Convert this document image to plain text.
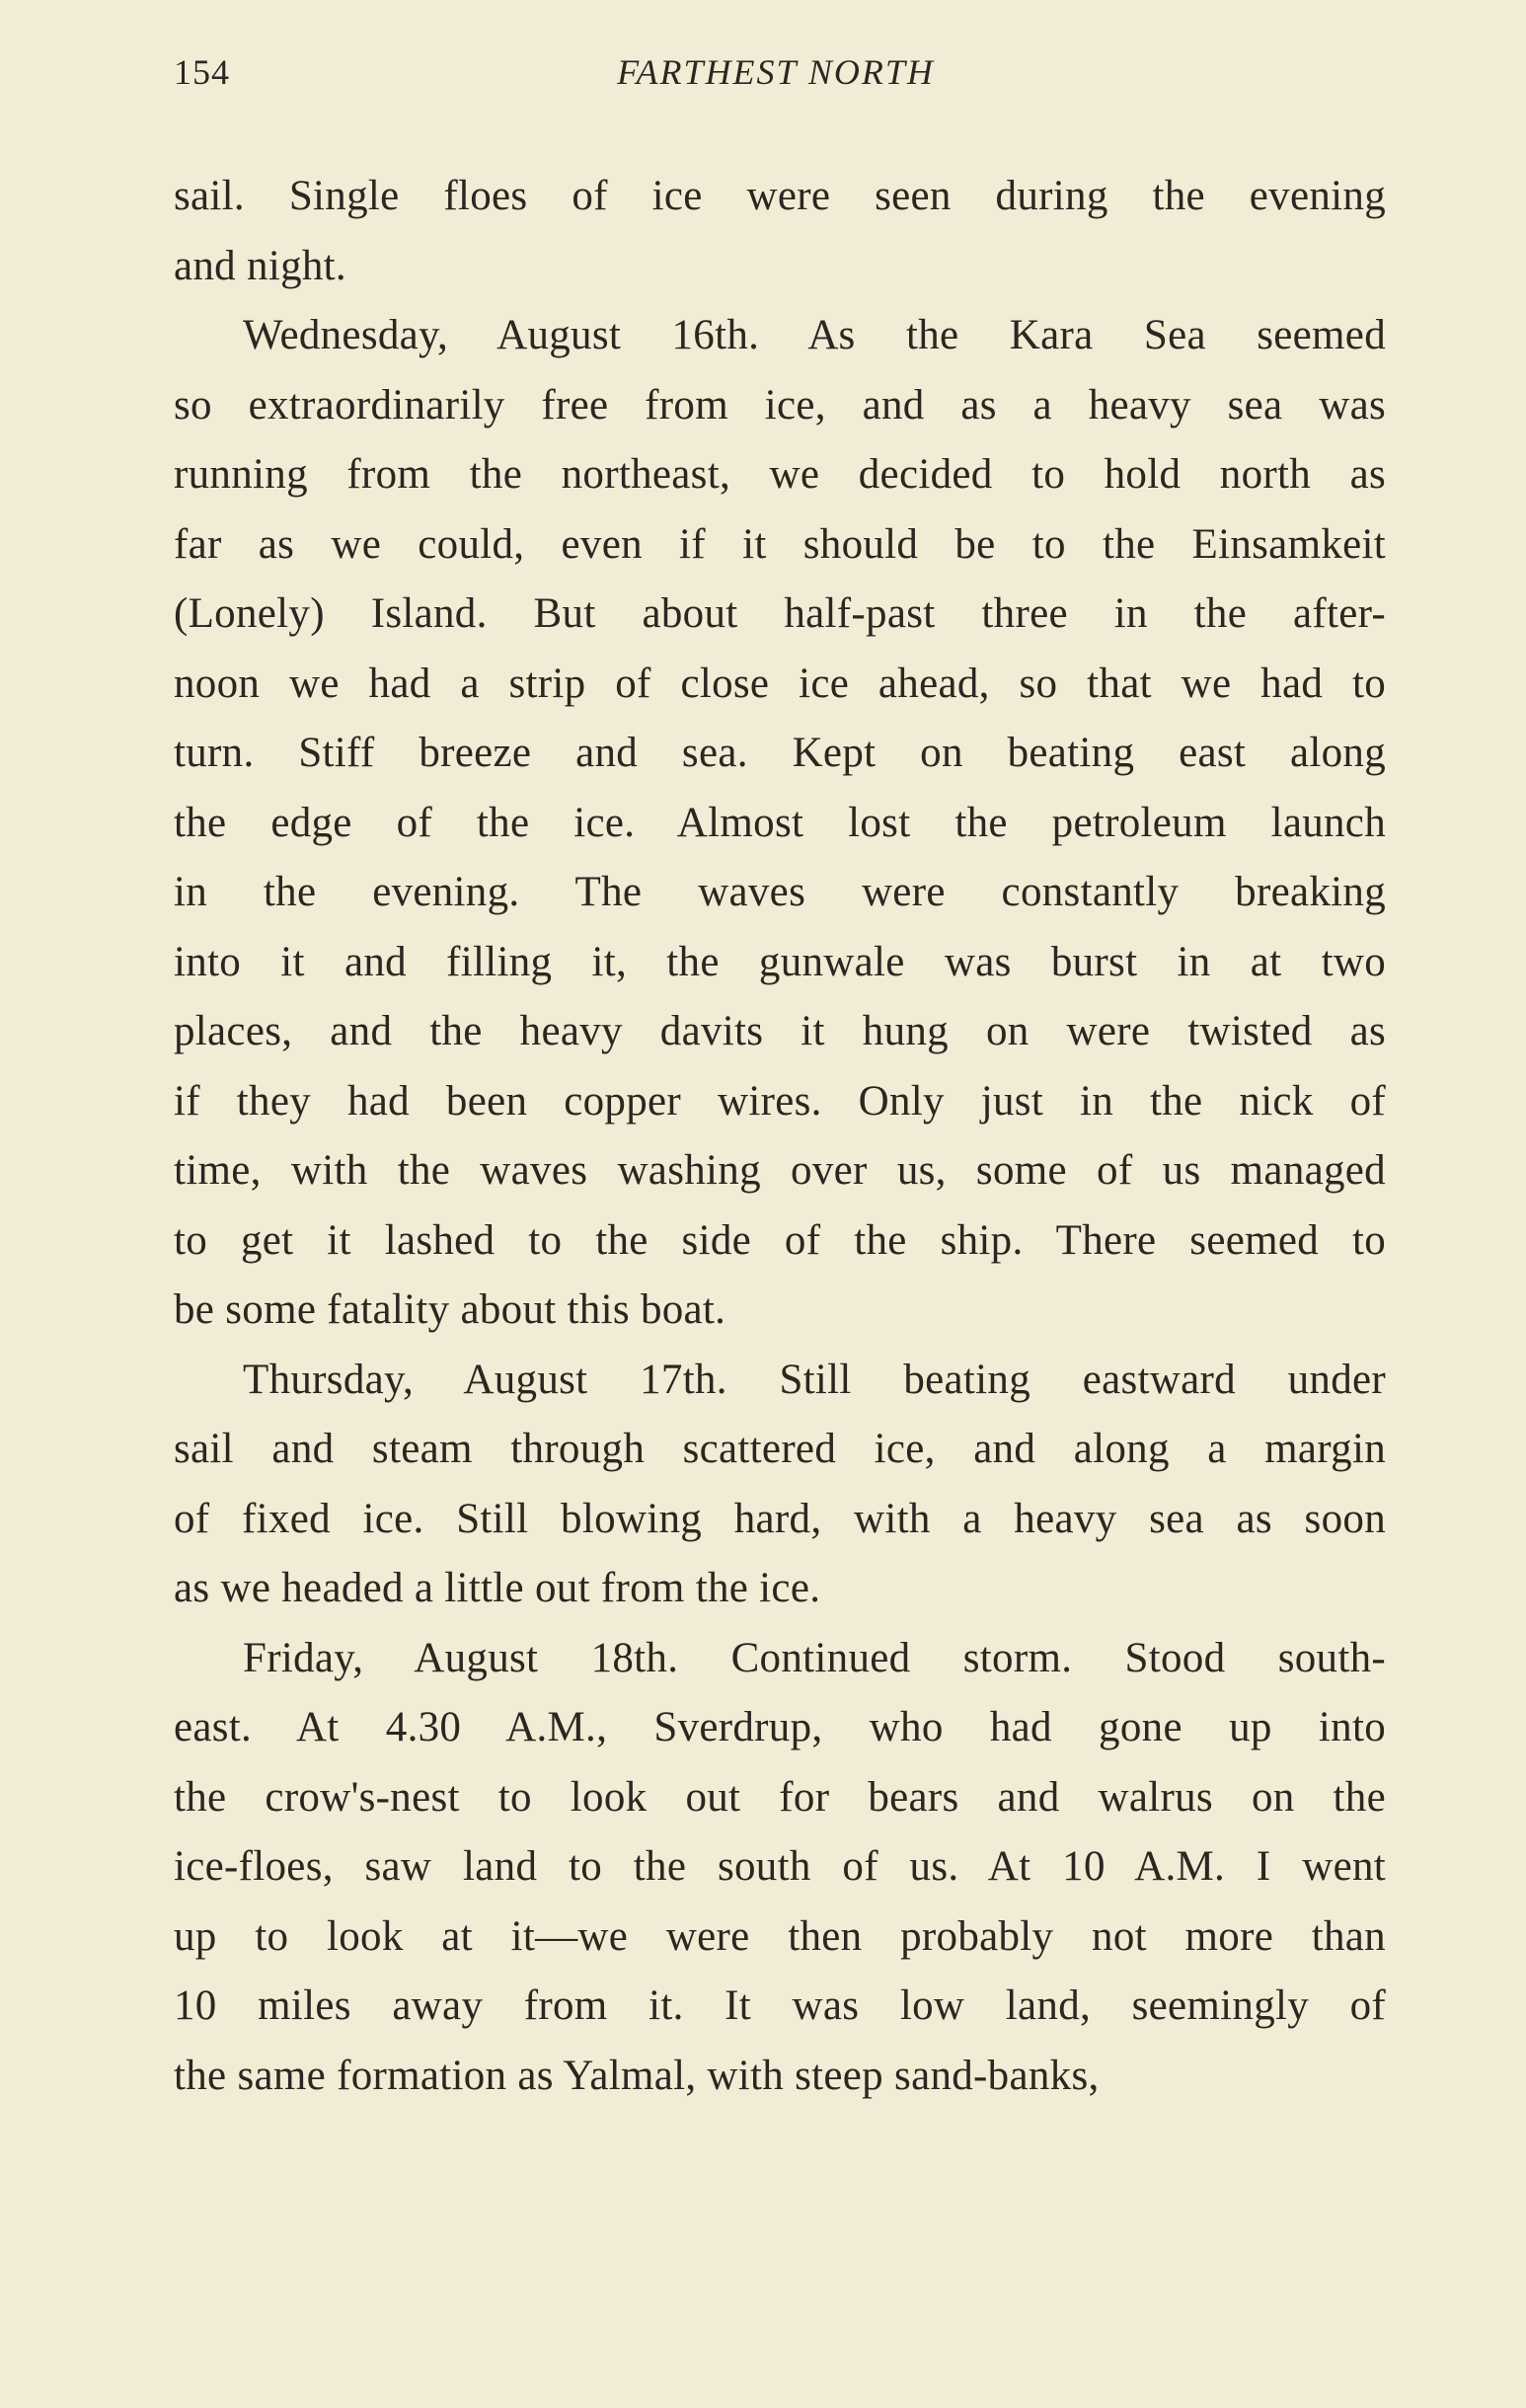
154	FARTHEST NORTH
sail. Single floes of ice were seen during the evening
and night.
Wednesday, August 16th. As the Kara Sea seemed
so extraordinarily free from ice, and as a heavy sea was
running from the northeast, we decided to hold north as
far as we could, even if it should be to the Einsamkeit
(Lonely) Island. But about half-past three in the after-
noon we had a strip of close ice ahead, so that we had to
turn. Stiff breeze and sea. Kept on beating east along
the edge of the ice. Almost lost the petroleum launch
in the evening. The waves were constantly breaking
into it and filling it, the gunwale was burst in at two
places, and the heavy davits it hung on were twisted as
if they had been copper wires. Only just in the nick of
time, with the waves washing over us, some of us managed
to get it lashed to the side of the ship. There seemed to
be some fatality about this boat.
Thursday, August 17th. Still beating eastward under
sail and steam through scattered ice, and along a margin
of fixed ice. Still blowing hard, with a heavy sea as soon
as we headed a little out from the ice.
Friday, August 18th. Continued storm. Stood south-
east. At 4.30 A.M., Sverdrup, who had gone up into
the crow's-nest to look out for bears and walrus on the
ice-floes, saw land to the south of us. At 10 A.M. I went
up to look at it—we were then probably not more than
10 miles away from it. It was low land, seemingly of
the same formation as Yalmal, with steep sand-banks,
